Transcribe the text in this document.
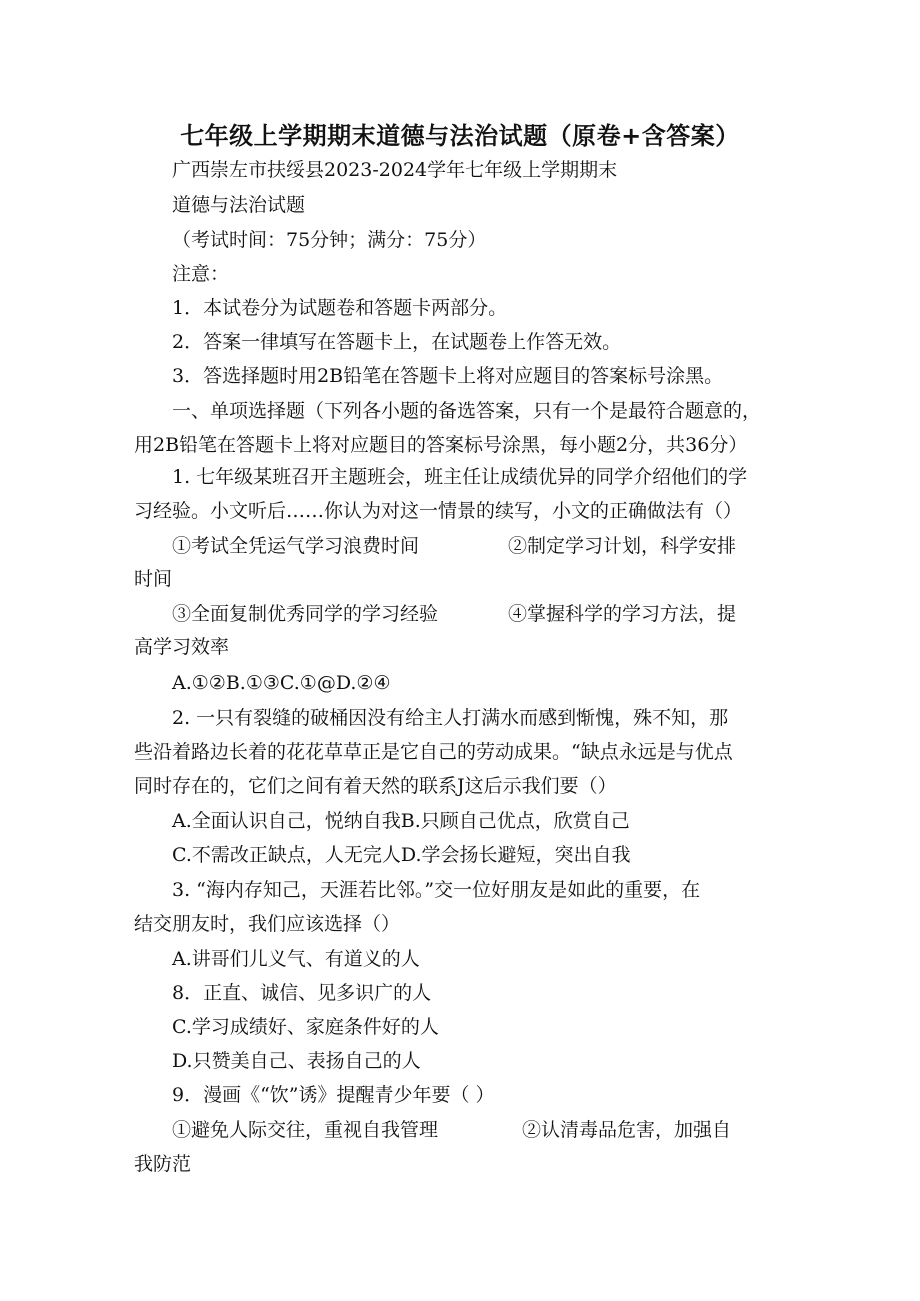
七年级上学期期末道德与法治试题（原卷+含答案）
广西崇左市扶绥县2023-2024学年七年级上学期期末
道德与法治试题
（考试时间：75分钟；满分：75分）
注意：
1．本试卷分为试题卷和答题卡两部分。
2．答案一律填写在答题卡上，在试题卷上作答无效。
3．答选择题时用2B铅笔在答题卡上将对应题目的答案标号涂黑。
一、单项选择题（下列各小题的备选答案，只有一个是最符合题意的，
用2B铅笔在答题卡上将对应题目的答案标号涂黑，每小题2分，共36分）
1. 七年级某班召开主题班会，班主任让成绩优异的同学介绍他们的学
习经验。小文听后……你认为对这一情景的续写，小文的正确做法有（）
①考试全凭运气学习浪费时间	②制定学习计划，科学安排
时间
③全面复制优秀同学的学习经验	④掌握科学的学习方法，提
高学习效率
A.①②B.①③C.①@D.②④
2. 一只有裂缝的破桶因没有给主人打满水而感到惭愧，殊不知，那
些沿着路边长着的花花草草正是它自己的劳动成果。“缺点永远是与优点
同时存在的，它们之间有着天然的联系J这后示我们要（）
A.全面认识自己，悦纳自我B.只顾自己优点，欣赏自己
C.不需改正缺点，人无完人D.学会扬长避短，突出自我
3. “海内存知己，天涯若比邻。”交一位好朋友是如此的重要，在
结交朋友时，我们应该选择（）
A.讲哥们儿义气、有道义的人
8．正直、诚信、见多识广的人
C.学习成绩好、家庭条件好的人
D.只赞美自己、表扬自己的人
9．漫画《“饮”诱》提醒青少年要（ ）
①避免人际交往，重视自我管理	②认清毒品危害，加强自
我防范
